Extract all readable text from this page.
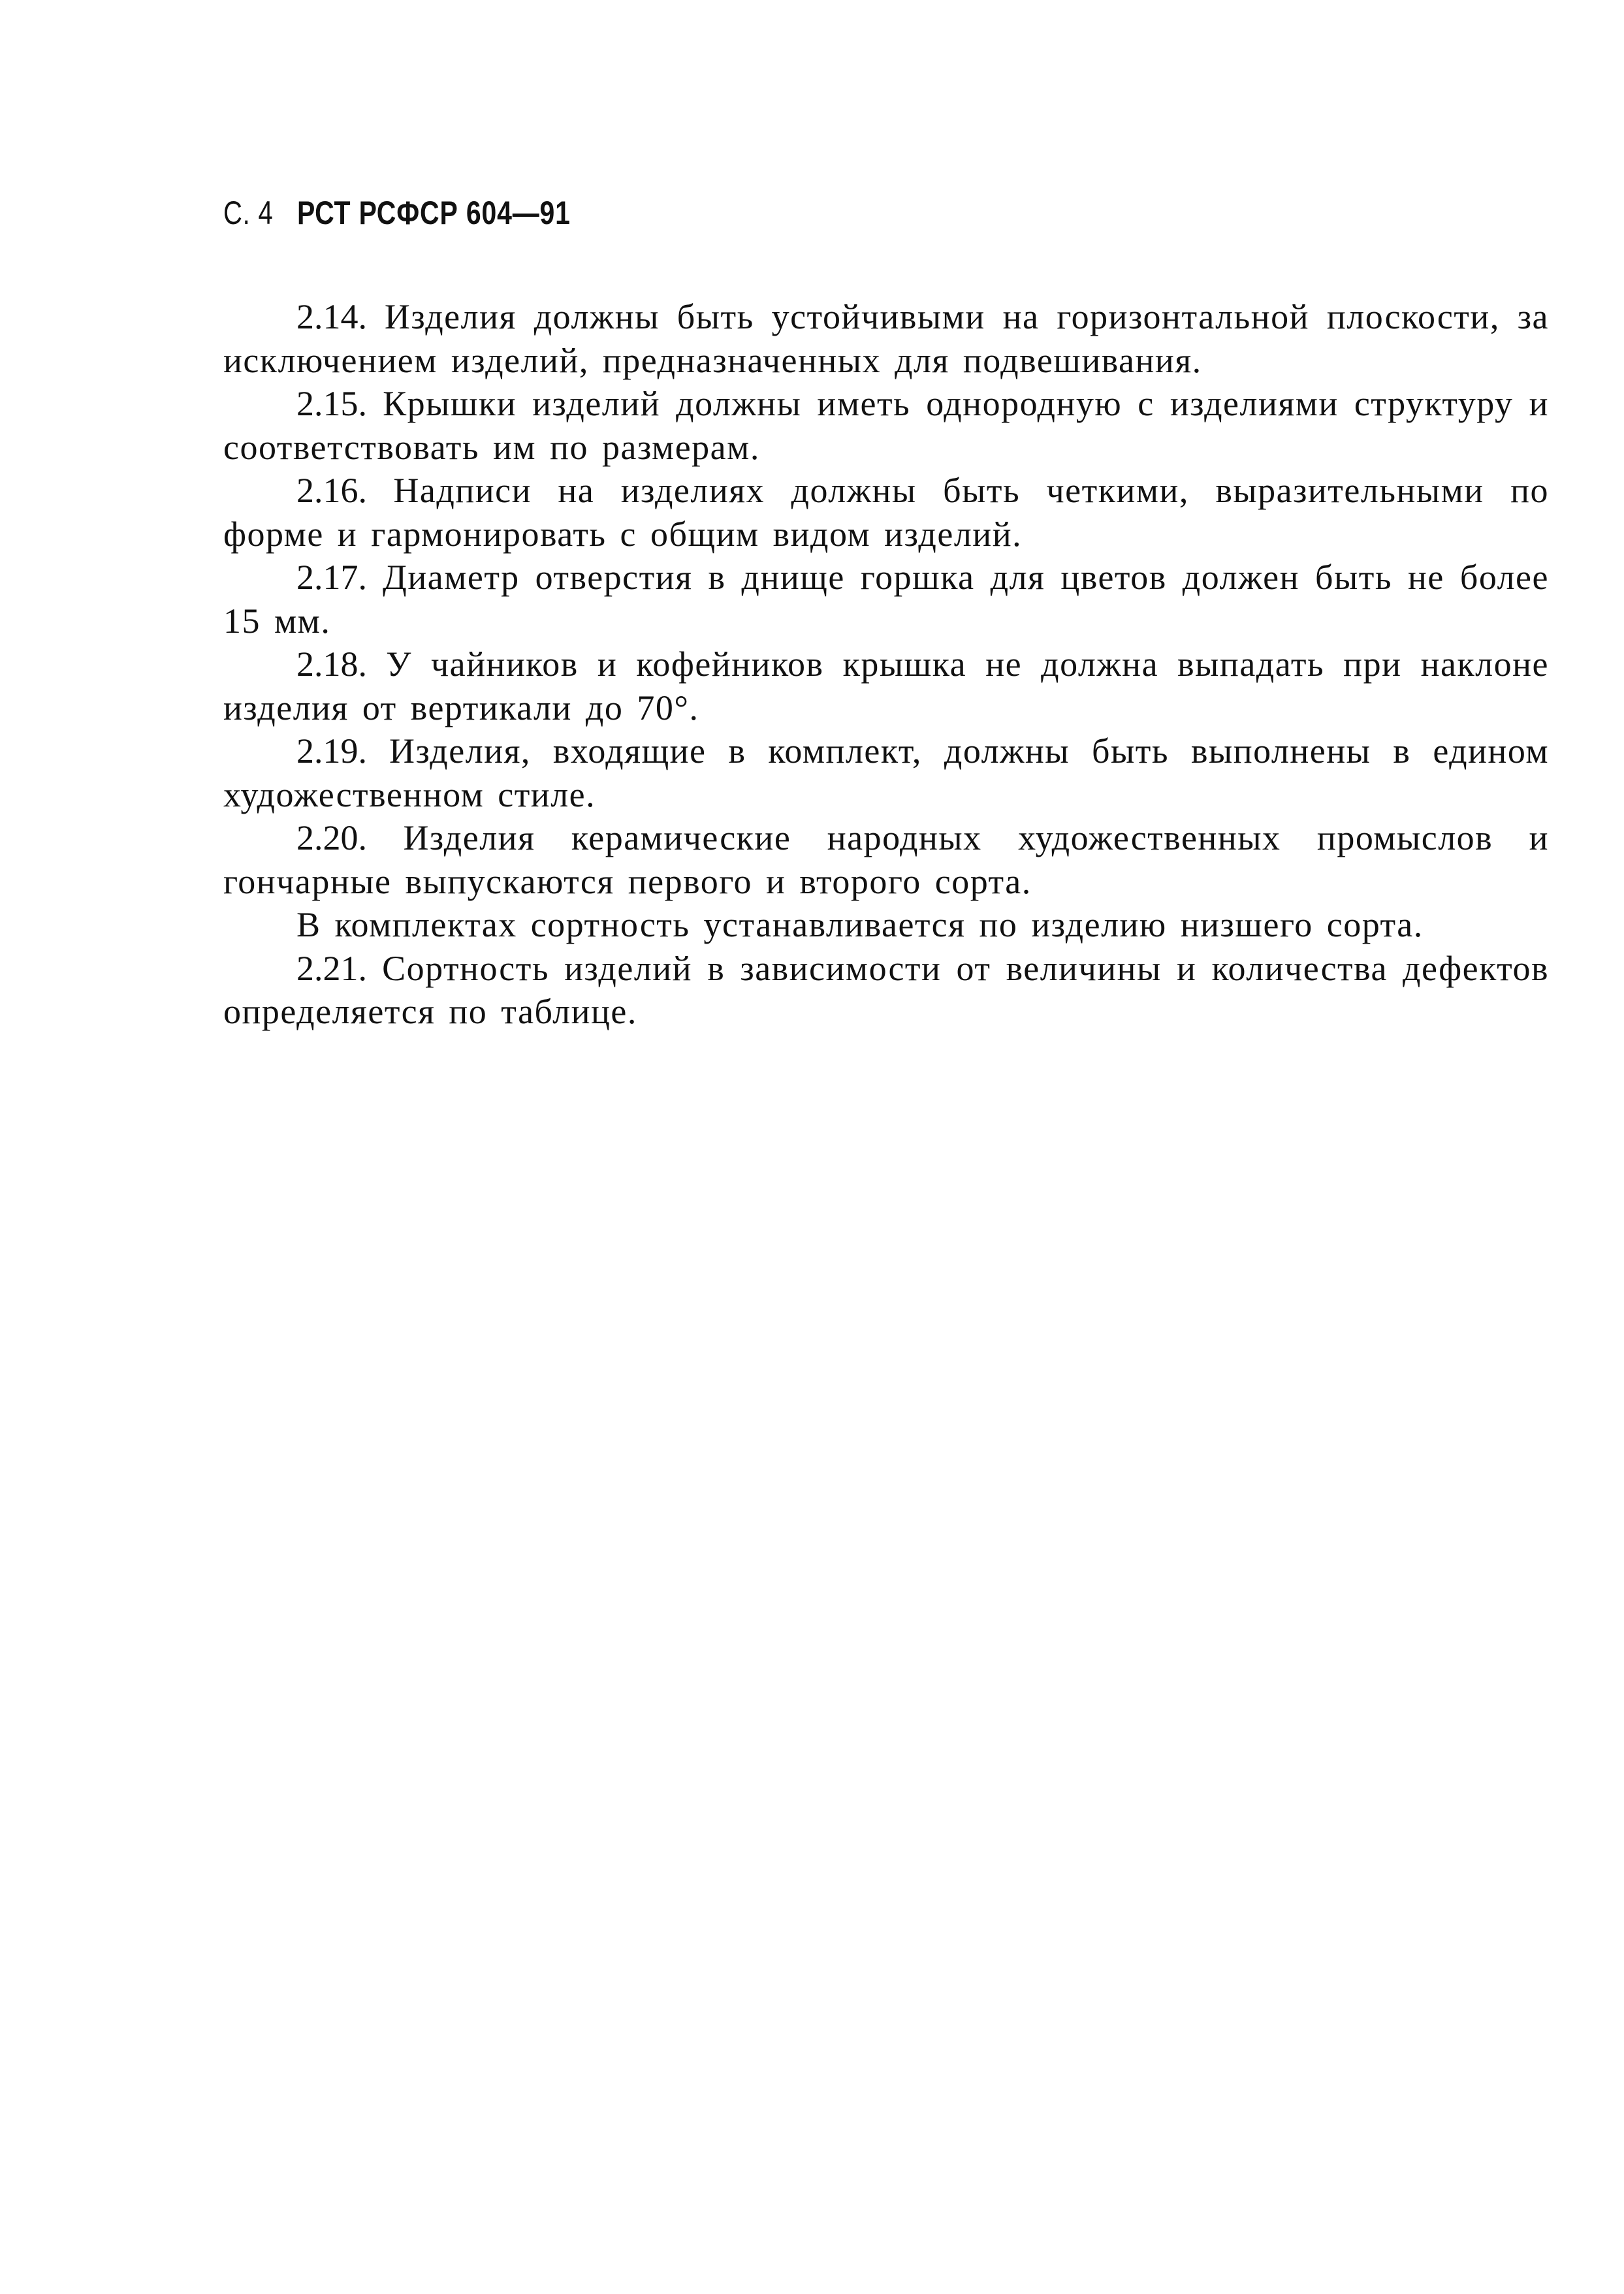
С. 4 РСТ РСФСР 604—91

2.14. Изделия должны быть устойчивыми на горизонтальной плоскости, за исключением изделий, предназначенных для подвешивания.

2.15. Крышки изделий должны иметь однородную с изделиями структуру и соответствовать им по размерам.

2.16. Надписи на изделиях должны быть четкими, выразительными по форме и гармонировать с общим видом изделий.

2.17. Диаметр отверстия в днище горшка для цветов должен быть не более 15 мм.

2.18. У чайников и кофейников крышка не должна выпадать при наклоне изделия от вертикали до 70°.

2.19. Изделия, входящие в комплект, должны быть выполнены в едином художественном стиле.

2.20. Изделия керамические народных художественных промыслов и гончарные выпускаются первого и второго сорта.

В комплектах сортность устанавливается по изделию низшего сорта.

2.21. Сортность изделий в зависимости от величины и количества дефектов определяется по таблице.
